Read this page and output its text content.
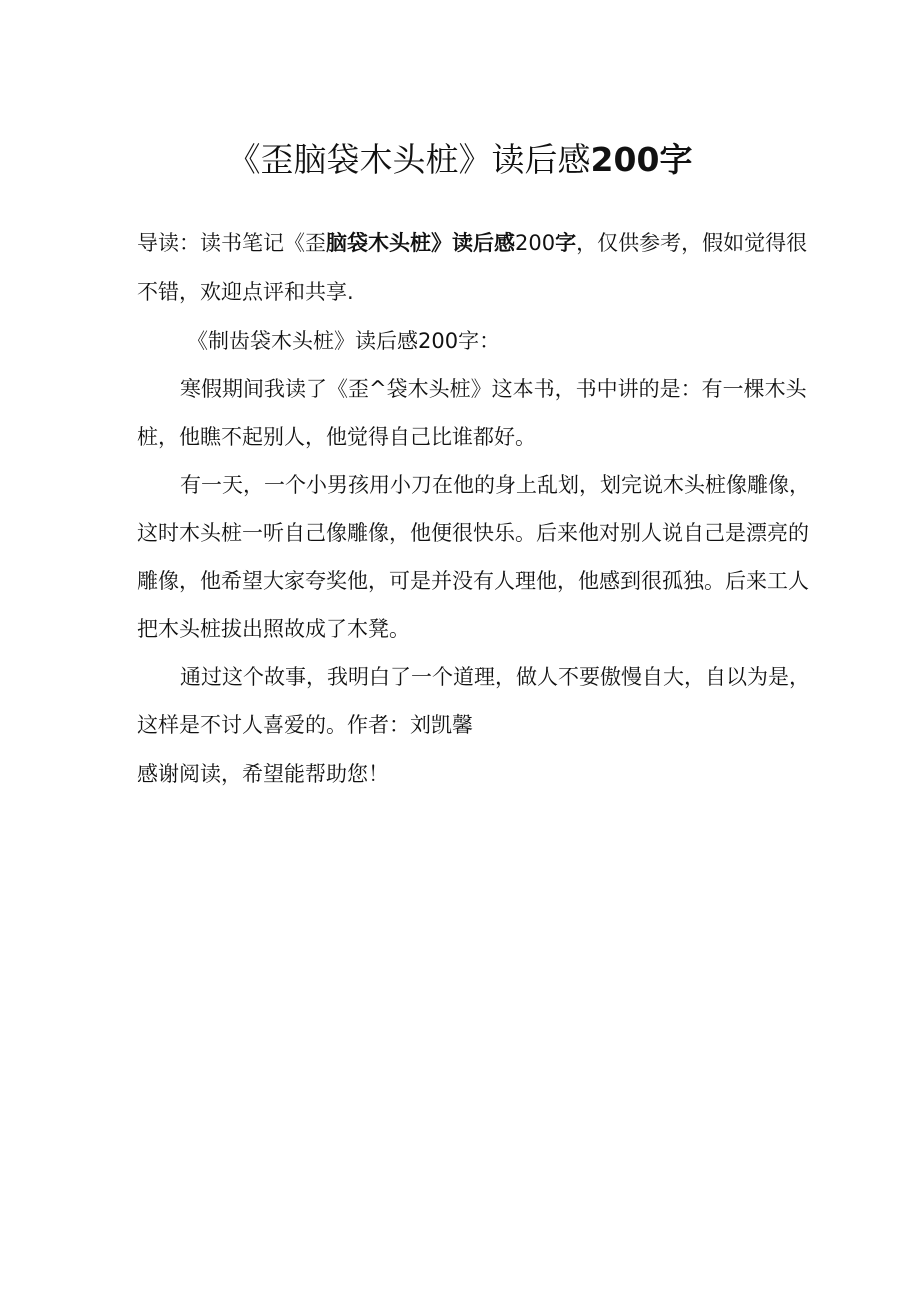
《歪脑袋木头桩》读后感200字
导读：读书笔记《歪脑袋木头桩》读后感200字，仅供参考，假如觉得很
不错，欢迎点评和共享.
《制齿袋木头桩》读后感200字：
寒假期间我读了《歪^袋木头桩》这本书，书中讲的是：有一棵木头
桩，他瞧不起别人，他觉得自己比谁都好。
有一天，一个小男孩用小刀在他的身上乱划，划完说木头桩像雕像，
这时木头桩一听自己像雕像，他便很快乐。后来他对别人说自己是漂亮的
雕像，他希望大家夸奖他，可是并没有人理他，他感到很孤独。后来工人
把木头桩拔出照故成了木凳。
通过这个故事，我明白了一个道理，做人不要傲慢自大，自以为是，
这样是不讨人喜爱的。作者：刘凯馨
感谢阅读，希望能帮助您！
